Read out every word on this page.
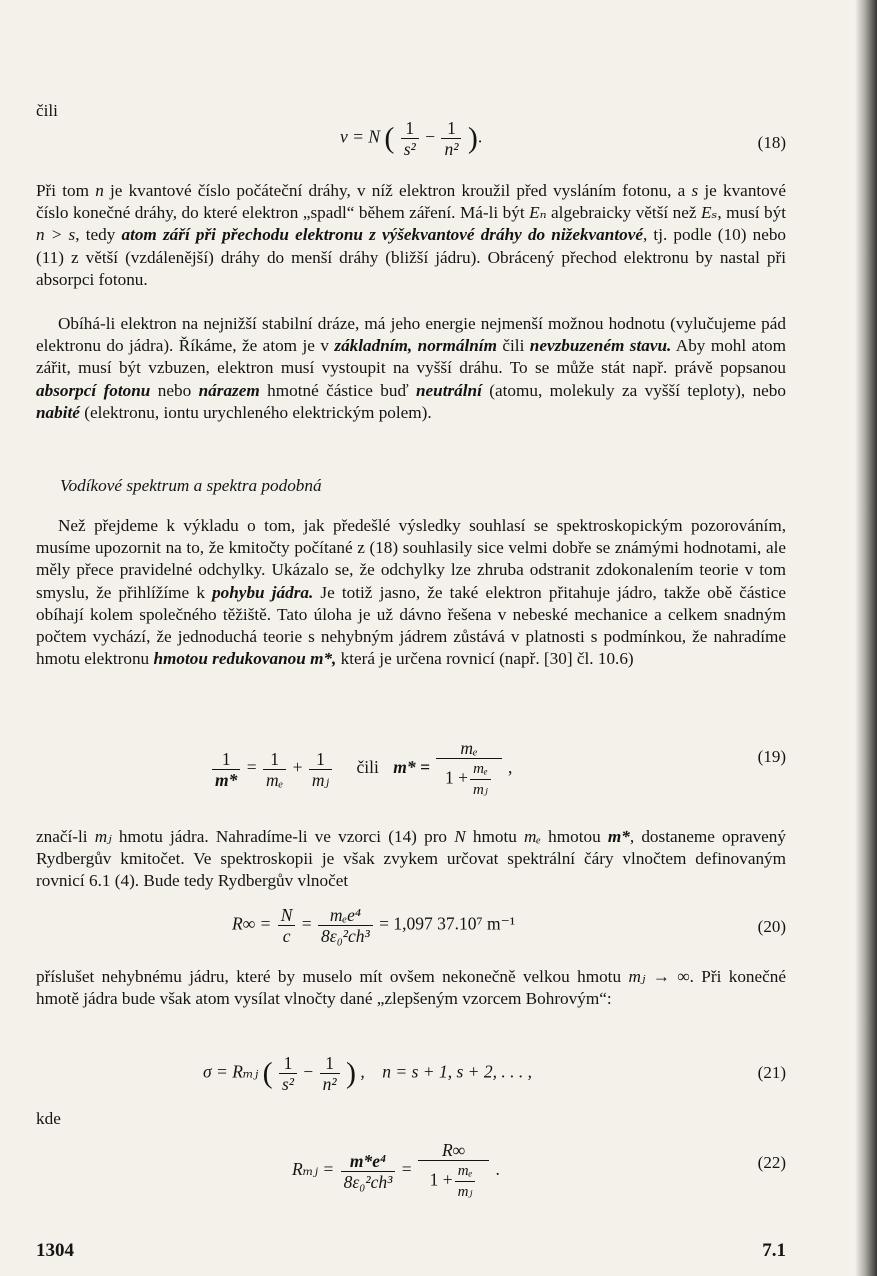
čili
ν = N ( $\frac{1}{\text{s²}} - \frac{1}{\text{n²}}$ ).	(18)

Při tom n je kvantové číslo počáteční dráhy, v níž elektron kroužil před vysláním fotonu, a s je kvantové číslo konečné dráhy, do které elektron „spadl“ během záření. Má-li být Eₙ algebraicky větší než Eₛ, musí být n > s, tedy atom září při přechodu elektronu z výšekvantové dráhy do nižekvantové, tj. podle (10) nebo (11) z větší (vzdálenější) dráhy do menší dráhy (bližší jádru). Obrácený přechod elektronu by nastal při absorpci fotonu.

Obíhá-li elektron na nejnižší stabilní dráze, má jeho energie nejmenší možnou hodnotu (vylučujeme pád elektronu do jádra). Říkáme, že atom je v základním, normálním čili nevzbuzeném stavu. Aby mohl atom zářit, musí být vzbuzen, elektron musí vystoupit na vyšší dráhu. To se může stát např. právě popsanou absorpcí fotonu nebo nárazem hmotné částice buď neutrální (atomu, molekuly za vyšší teploty), nebo nabité (elektronu, iontu urychleného elektrickým polem).

Vodíkové spektrum a spektra podobná

Než přejdeme k výkladu o tom, jak předešlé výsledky souhlasí se spektroskopickým pozorováním, musíme upozornit na to, že kmitočty počítané z (18) souhlasily sice velmi dobře se známými hodnotami, ale měly přece pravidelné odchylky. Ukázalo se, že odchylky lze zhruba odstranit zdokonalením teorie v tom smyslu, že přihlížíme k pohybu jádra. Je totiž jasno, že také elektron přitahuje jádro, takže obě částice obíhají kolem společného těžiště. Tato úloha je už dávno řešena v nebeské mechanice a celkem snadným počtem vychází, že jednoduchá teorie s nehybným jádrem zůstává v platnosti s podmínkou, že nahradíme hmotu elektronu hmotou redukovanou m*, která je určena rovnicí (např. [30] čl. 10.6)

$\frac{1}{m*} = \frac{1}{\text{mₑ}} + \frac{1}{\text{mⱼ}}$ čili $m* = \frac{\text{mₑ}}{1 + \frac{\text{mₑ}}{\text{mⱼ}}}$ ,
(19)

značí-li mⱼ hmotu jádra. Nahradíme-li ve vzorci (14) pro N hmotu mₑ hmotou m*, dostaneme opravený Rydbergův kmitočet. Ve spektroskopii je však zvykem určovat spektrální čáry vlnočtem definovaným rovnicí 6.1 (4). Bude tedy Rydbergův vlnočet

$R\infty = \frac{N}{c} = \frac{\text{mₑe⁴}}{\text{8ε₀²ch³}} = 1,097$ 37.10⁷ m⁻¹	(20)

příslušet nehybnému jádru, které by muselo mít ovšem nekonečně velkou hmotu mⱼ → ∞. Při konečné hmotě jádra bude však atom vysílat vlnočty dané „zlepšeným vzorcem Bohrovým“:

σ = Rₘⱼ ( $\frac{1}{\text{s²}} - \frac{1}{\text{n²}}$ ) ,    n = s + 1, s + 2, . . . ,	(21)
kde
Rₘⱼ = $\frac{\text{m*e⁴}}{\text{8ε₀²ch³}} = \frac{R\infty}{1 + \frac{\text{mₑ}}{\text{mⱼ}}}$ .	(22)
1304	7.1
